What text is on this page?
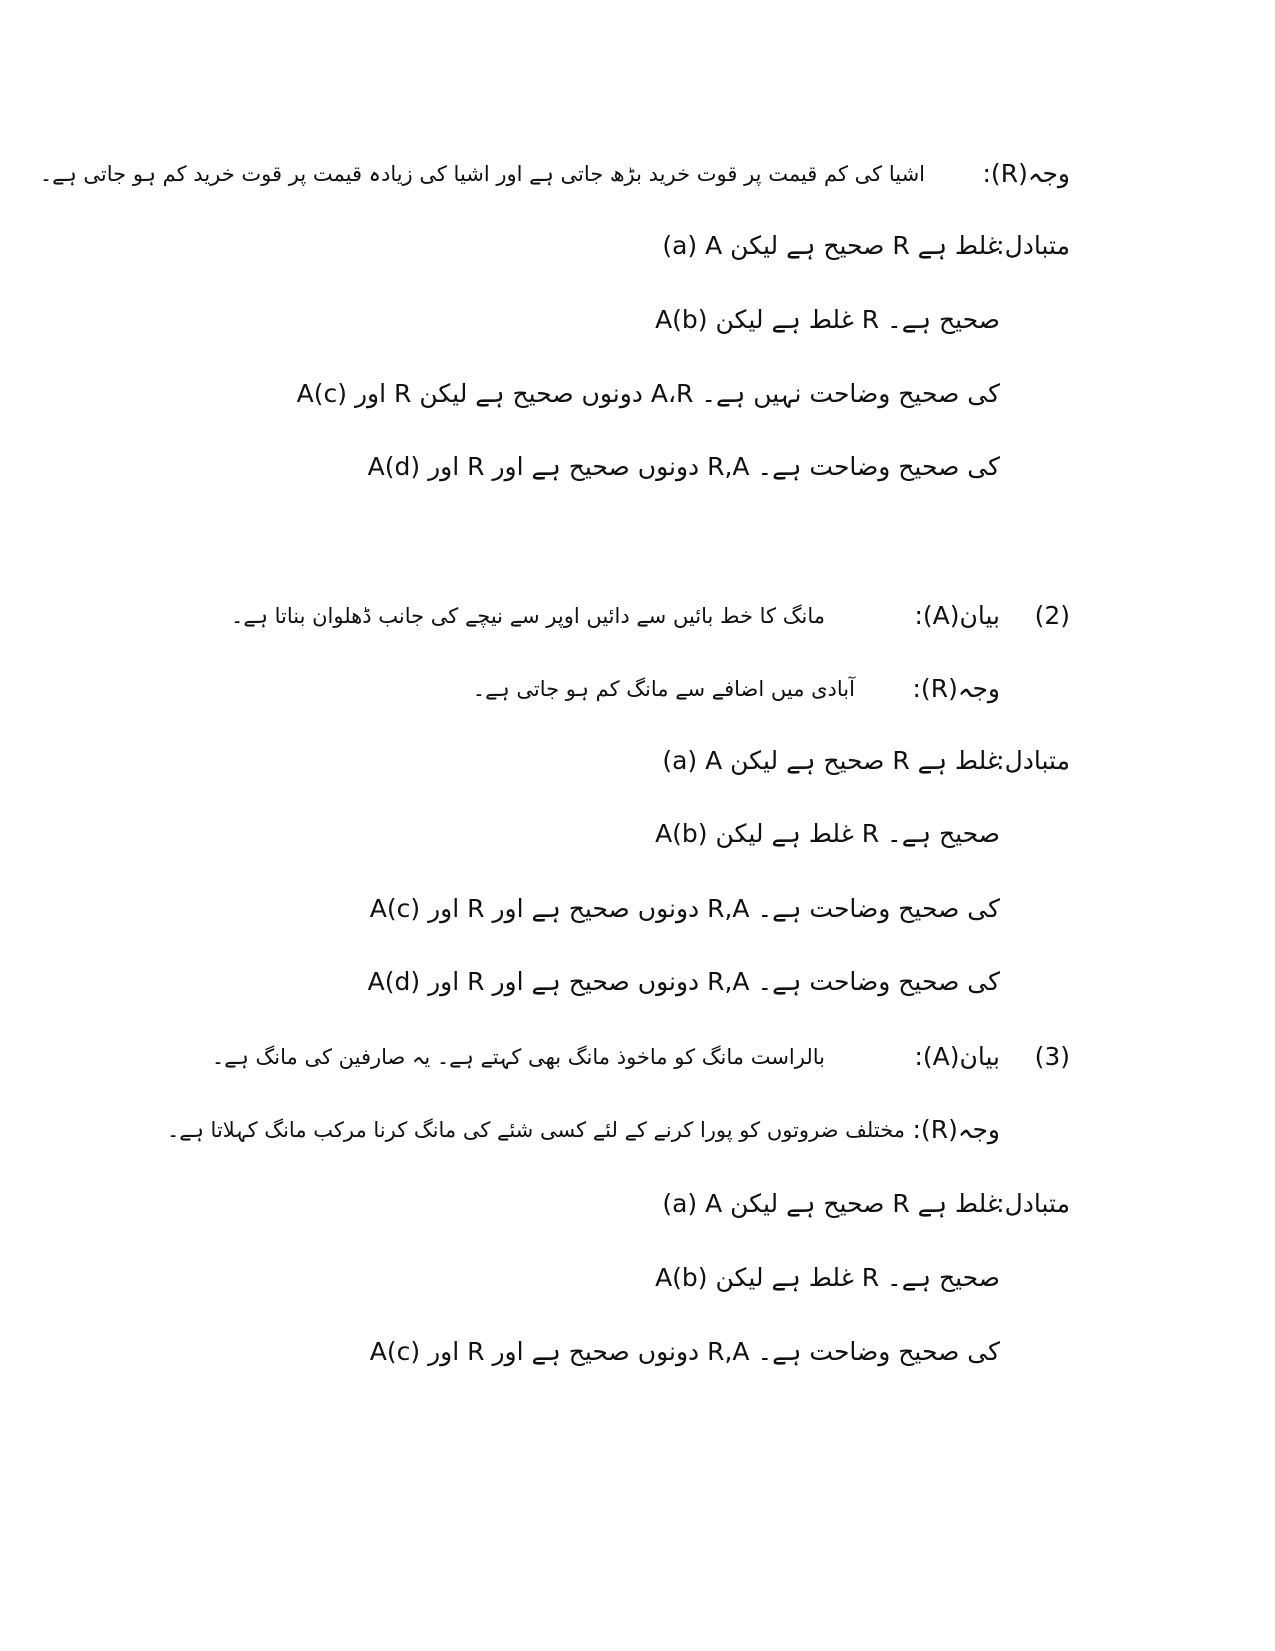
وجہ(R):
اشیا کی کم قیمت پر قوت خرید بڑھ جاتی ہے اور اشیا کی زیادہ قیمت پر قوت خرید کم ہو جاتی ہے۔
متبادل:
(a) A صحیح ہے لیکن R غلط ہے
A(b) غلط ہے لیکن R صحیح ہے۔
A(c) اور R دونوں صحیح ہے لیکن A،R کی صحیح وضاحت نہیں ہے۔
A(d) اور R دونوں صحیح ہے اور R,A کی صحیح وضاحت ہے۔
(2)
بیان(A):
مانگ کا خط بائیں سے دائیں اوپر سے نیچے کی جانب ڈھلوان بناتا ہے۔
وجہ(R):
آبادی میں اضافے سے مانگ کم ہو جاتی ہے۔
متبادل:
(a) A صحیح ہے لیکن R غلط ہے
A(b) غلط ہے لیکن R صحیح ہے۔
A(c) اور R دونوں صحیح ہے اور R,A کی صحیح وضاحت ہے۔
A(d) اور R دونوں صحیح ہے اور R,A کی صحیح وضاحت ہے۔
(3)
بیان(A):
بالراست مانگ کو ماخوذ مانگ بھی کہتے ہے۔ یہ صارفین کی مانگ ہے۔
وجہ(R):
مختلف ضروتوں کو پورا کرنے کے لئے کسی شئے کی مانگ کرنا مرکب مانگ کہلاتا ہے۔
متبادل:
(a) A صحیح ہے لیکن R غلط ہے
A(b) غلط ہے لیکن R صحیح ہے۔
A(c) اور R دونوں صحیح ہے اور R,A کی صحیح وضاحت ہے۔
